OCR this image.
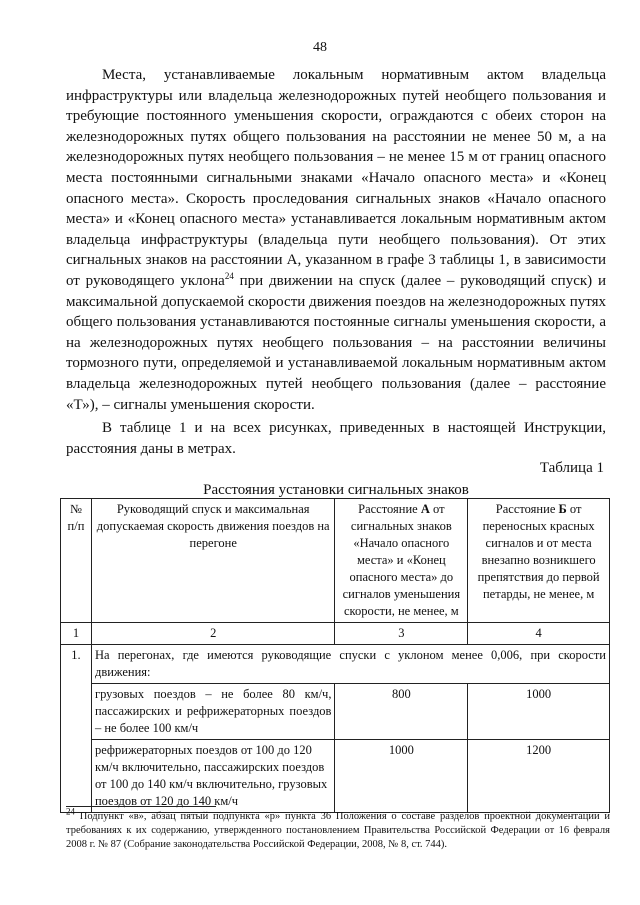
48

Места, устанавливаемые локальным нормативным актом владельца инфраструктуры или владельца железнодорожных путей необщего пользования и требующие постоянного уменьшения скорости, ограждаются с обеих сторон на железнодорожных путях общего пользования на расстоянии не менее 50 м, а на железнодорожных путях необщего пользования – не менее 15 м от границ опасного места постоянными сигнальными знаками «Начало опасного места» и «Конец опасного места». Скорость проследования сигнальных знаков «Начало опасного места» и «Конец опасного места» устанавливается локальным нормативным актом владельца инфраструктуры (владельца пути необщего пользования). От этих сигнальных знаков на расстоянии А, указанном в графе 3 таблицы 1, в зависимости от руководящего уклона$^{24}$ при движении на спуск (далее – руководящий спуск) и максимальной допускаемой скорости движения поездов на железнодорожных путях общего пользования устанавливаются постоянные сигналы уменьшения скорости, а на железнодорожных путях необщего пользования – на расстоянии величины тормозного пути, определяемой и устанавливаемой локальным нормативным актом владельца железнодорожных путей необщего пользования (далее – расстояние «Т»), – сигналы уменьшения скорости.

В таблице 1 и на всех рисунках, приведенных в настоящей Инструкции, расстояния даны в метрах.

Таблица 1
Расстояния установки сигнальных знаков
№ п/п	Руководящий спуск и максимальная допускаемая скорость движения поездов на перегоне	Расстояние А от сигнальных знаков «Начало опасного места» и «Конец опасного места» до сигналов уменьшения скорости, не менее, м	Расстояние Б от переносных красных сигналов и от места внезапно возникшего препятствия до первой петарды, не менее, м
1	2	3	4
1.	На перегонах, где имеются руководящие спуски с уклоном менее 0,006, при скорости движения:		
	грузовых поездов – не более 80 км/ч, пассажирских и рефрижераторных поездов – не более 100 км/ч	800	1000
	рефрижераторных поездов от 100 до 120 км/ч включительно, пассажирских поездов от 100 до 140 км/ч включительно, грузовых поездов от 120 до 140 км/ч	1000	1200
$^{24}$ Подпункт «в», абзац пятый подпункта «р» пункта 36 Положения о составе разделов проектной документации и требованиях к их содержанию, утвержденного постановлением Правительства Российской Федерации от 16 февраля 2008 г. № 87 (Собрание законодательства Российской Федерации, 2008, № 8, ст. 744).
